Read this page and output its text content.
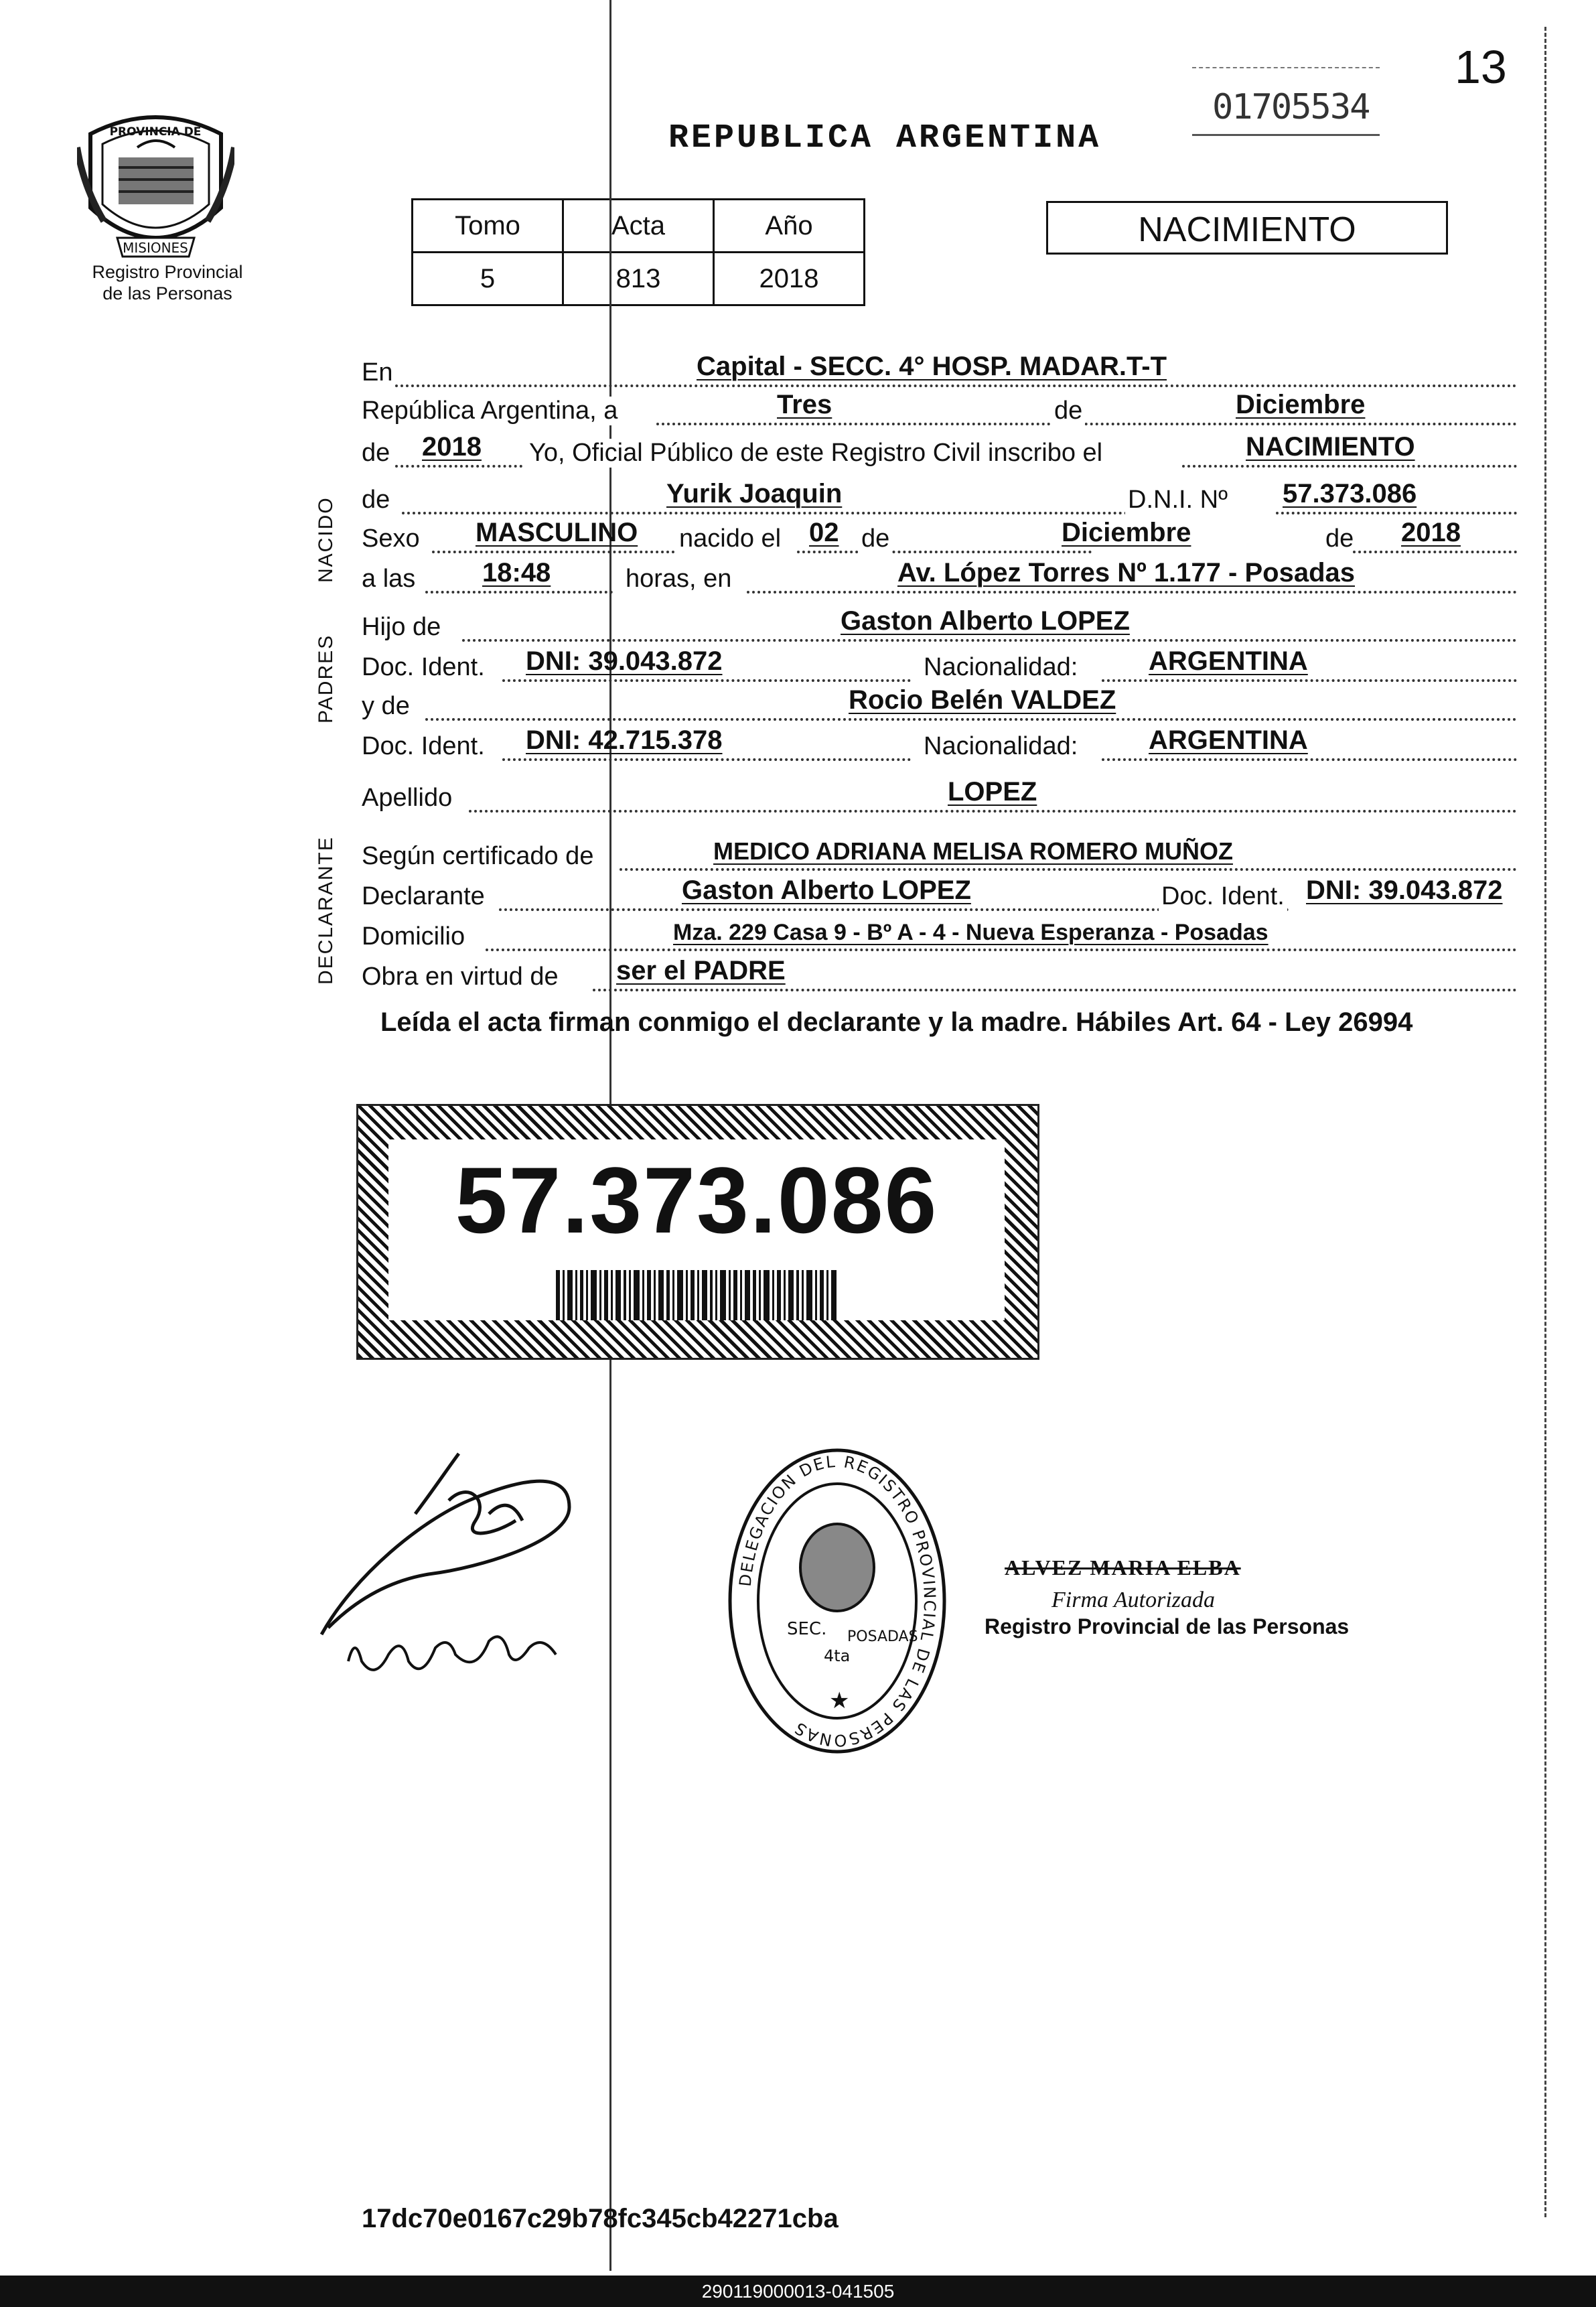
13
01705534
REPUBLICA ARGENTINA
PROVINCIA DE
MISIONES
Registro Provincial
de las Personas
Tomo	Acta	Año
5	813	2018
NACIMIENTO
NACIDO
PADRES
DECLARANTE
En	Capital - SECC. 4° HOSP. MADAR.T-T
República Argentina, a	Tres	de	Diciembre
de 2018 Yo, Oficial Público de este Registro Civil inscribo el	NACIMIENTO
de	Yurik Joaquin	D.N.I. Nº 57.373.086
Sexo MASCULINO nacido el 02 de	Diciembre	de 2018
a las 18:48	horas, en	Av. López Torres Nº 1.177 - Posadas
Hijo de	Gaston Alberto LOPEZ
Doc. Ident. DNI: 39.043.872	Nacionalidad:	ARGENTINA
y de	Rocio Belén VALDEZ
Doc. Ident. DNI: 42.715.378	Nacionalidad:	ARGENTINA
Apellido	LOPEZ
Según certificado de	MEDICO ADRIANA MELISA ROMERO MUÑOZ
Declarante	Gaston Alberto LOPEZ	Doc. Ident. DNI: 39.043.872
Domicilio	Mza. 229 Casa 9 - Bº A - 4 - Nueva Esperanza - Posadas
Obra en virtud de ser el PADRE
Leída el acta firman conmigo el declarante y la madre. Hábiles Art. 64 - Ley 26994
57.373.086
DELEGACION DEL REGISTRO PROVINCIAL DE LAS PERSONAS
SEC.
4ta
POSADAS
★
ALVEZ MARIA ELBA
Firma Autorizada
Registro Provincial de las Personas
17dc70e0167c29b78fc345cb42271cba
290119000013-041505
